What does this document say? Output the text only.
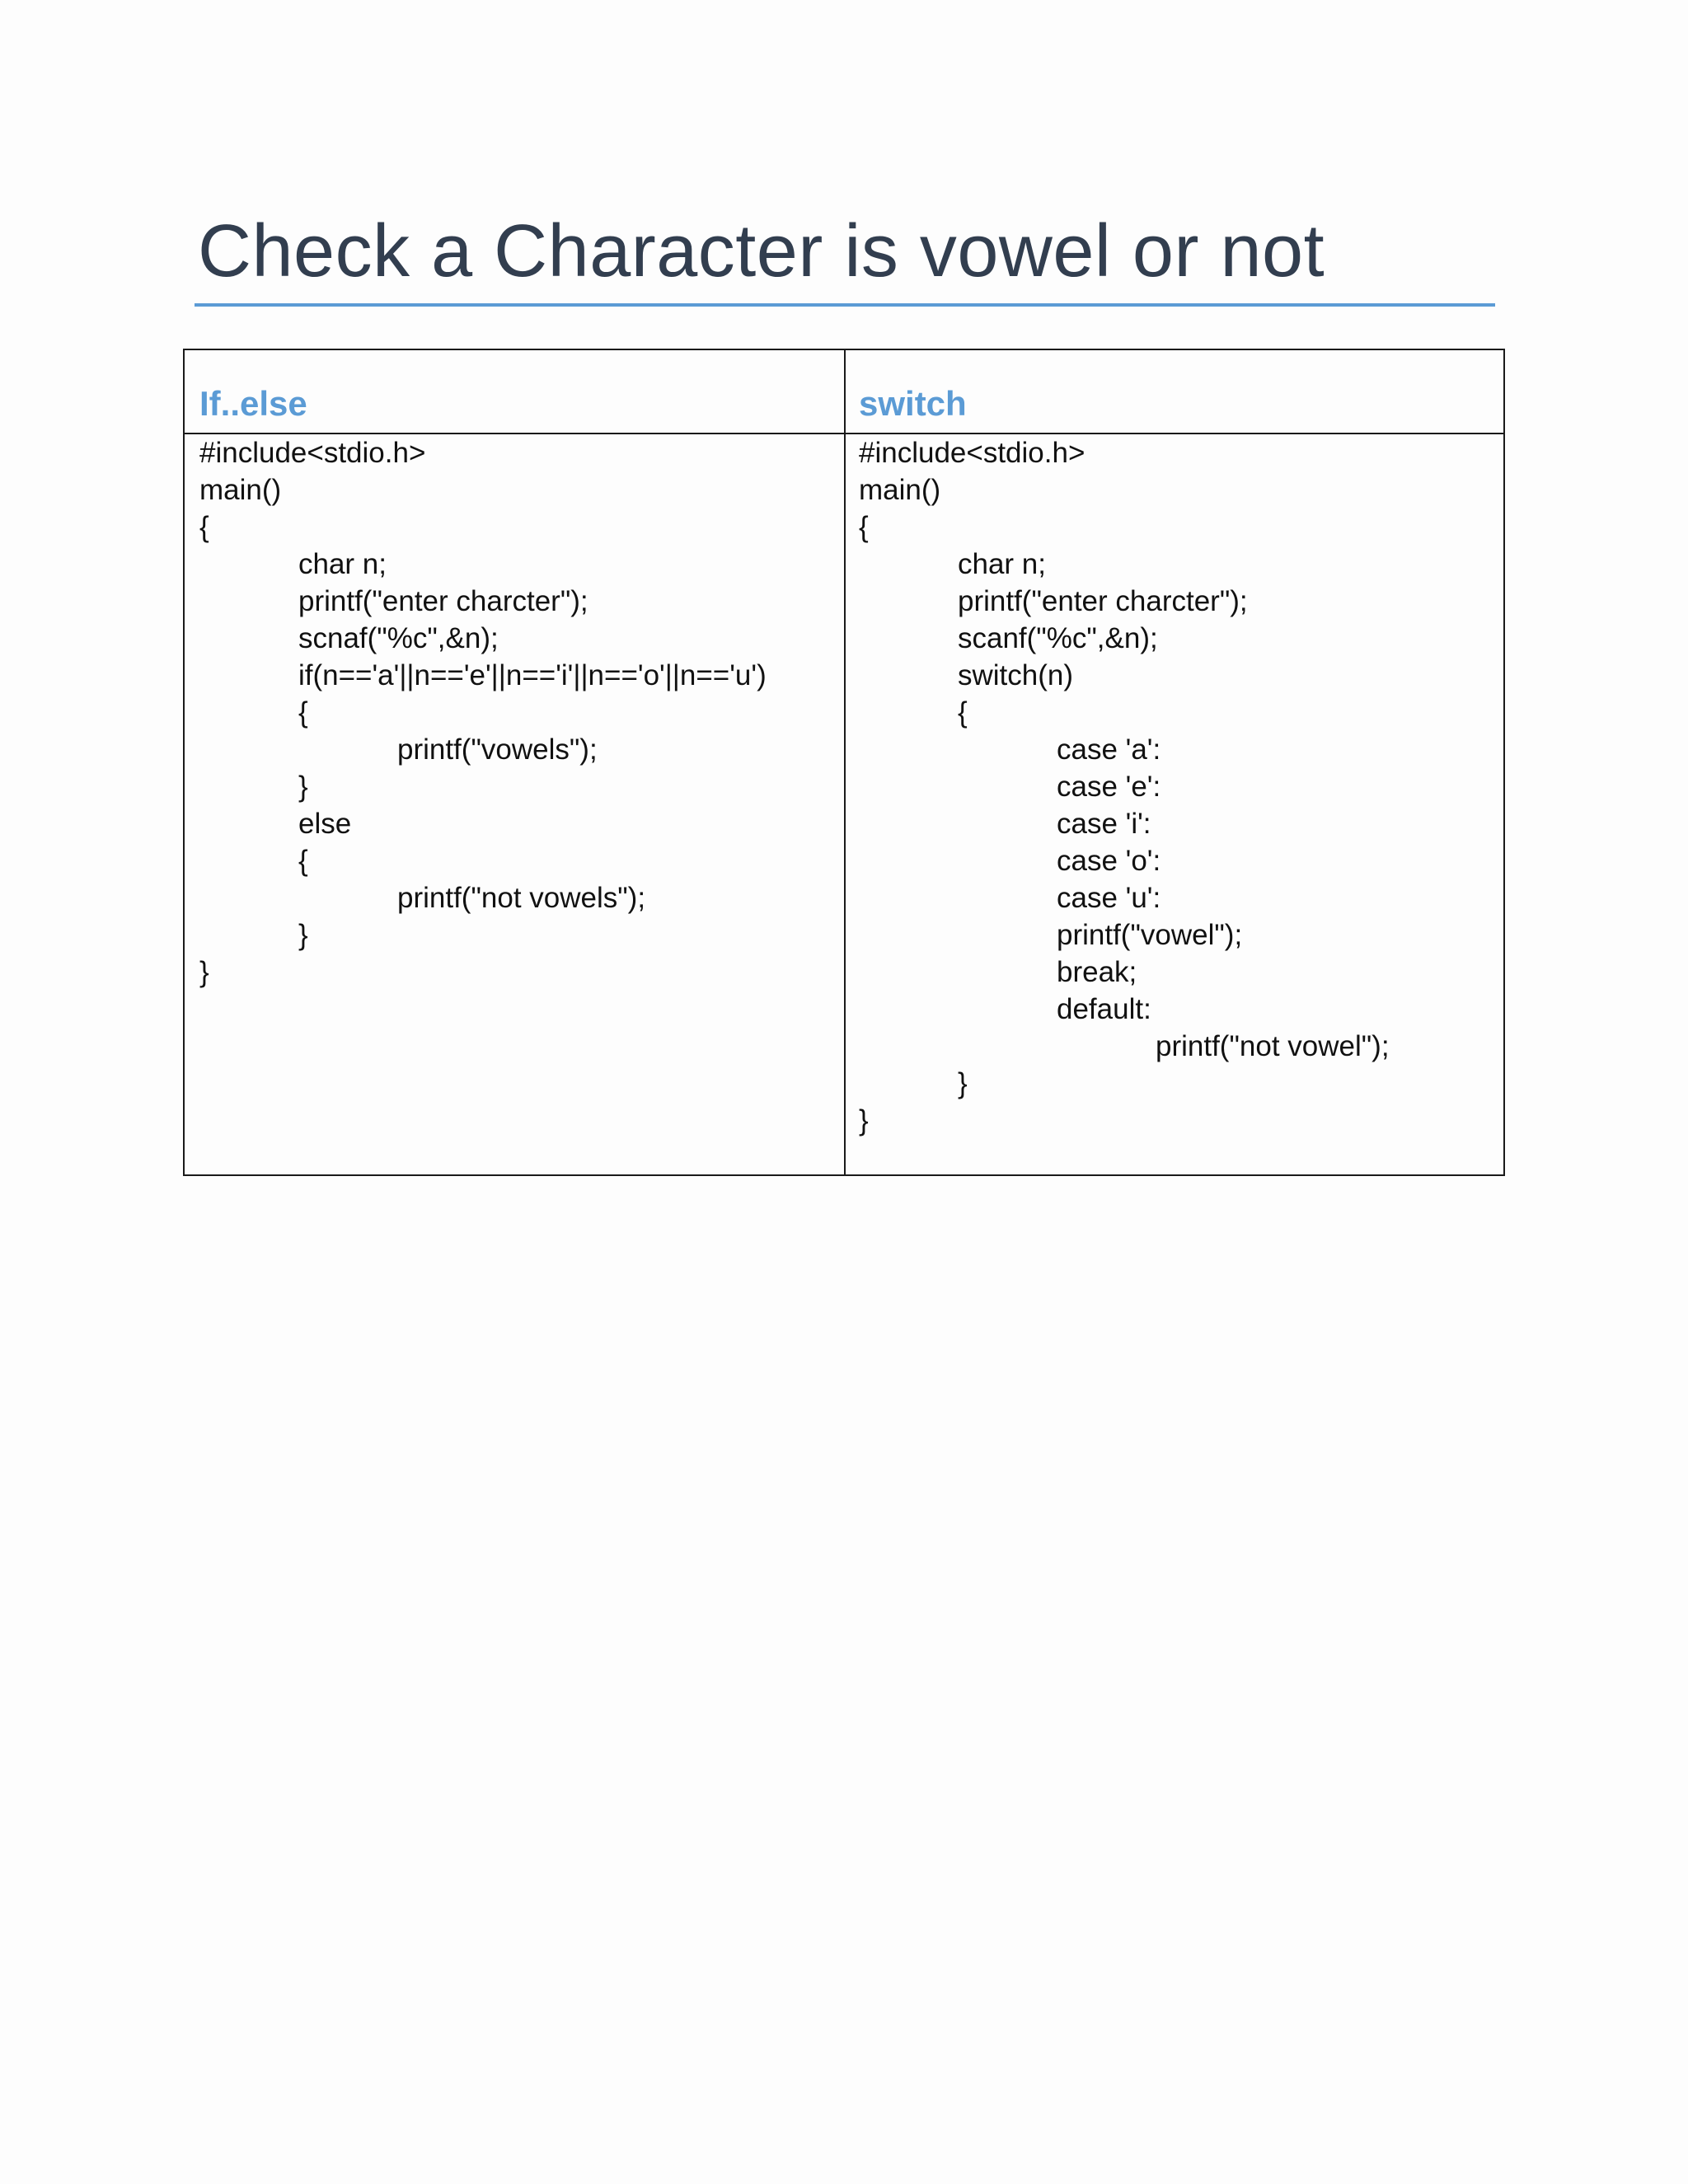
Check a Character is vowel or not
If..else	switch
#include<stdio.h>
main()
{
char n;
printf("enter charcter");
scnaf("%c",&n);
if(n=='a'||n=='e'||n=='i'||n=='o'||n=='u')
{
printf("vowels");
}
else
{
printf("not vowels");
}
}
#include<stdio.h>
main()
{
char n;
printf("enter charcter");
scanf("%c",&n);
switch(n)
{
case 'a':
case 'e':
case 'i':
case 'o':
case 'u':
printf("vowel");
break;
default:
printf("not vowel");
}
}
